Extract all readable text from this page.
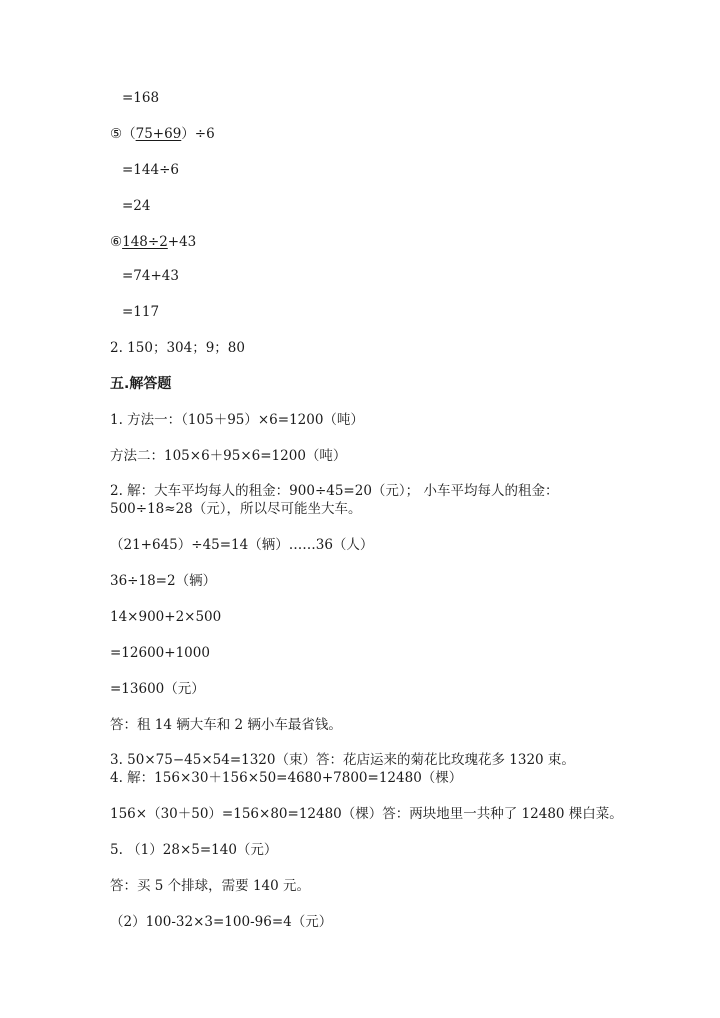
=168
⑤（75+69）÷6
=144÷6
=24
⑥148÷2+43
=74+43
=117
2. 150；304；9；80
五.解答题
1. 方法一：（105＋95）×6=1200（吨）
方法二：105×6＋95×6=1200（吨）
2. 解：大车平均每人的租金：900÷45=20（元）； 小车平均每人的租金：
500÷18≈28（元），所以尽可能坐大车。
（21+645）÷45=14（辆）……36（人）
36÷18=2（辆）
14×900+2×500
=12600+1000
=13600（元）
答：租 14 辆大车和 2 辆小车最省钱。
3. 50×75−45×54=1320（束）答：花店运来的菊花比玫瑰花多 1320 束。
4. 解：156×30＋156×50=4680+7800=12480（棵）
156×（30＋50）=156×80=12480（棵）答：两块地里一共种了 12480 棵白菜。
5. （1）28×5=140（元）
答：买 5 个排球，需要 140 元。
（2）100-32×3=100-96=4（元）
